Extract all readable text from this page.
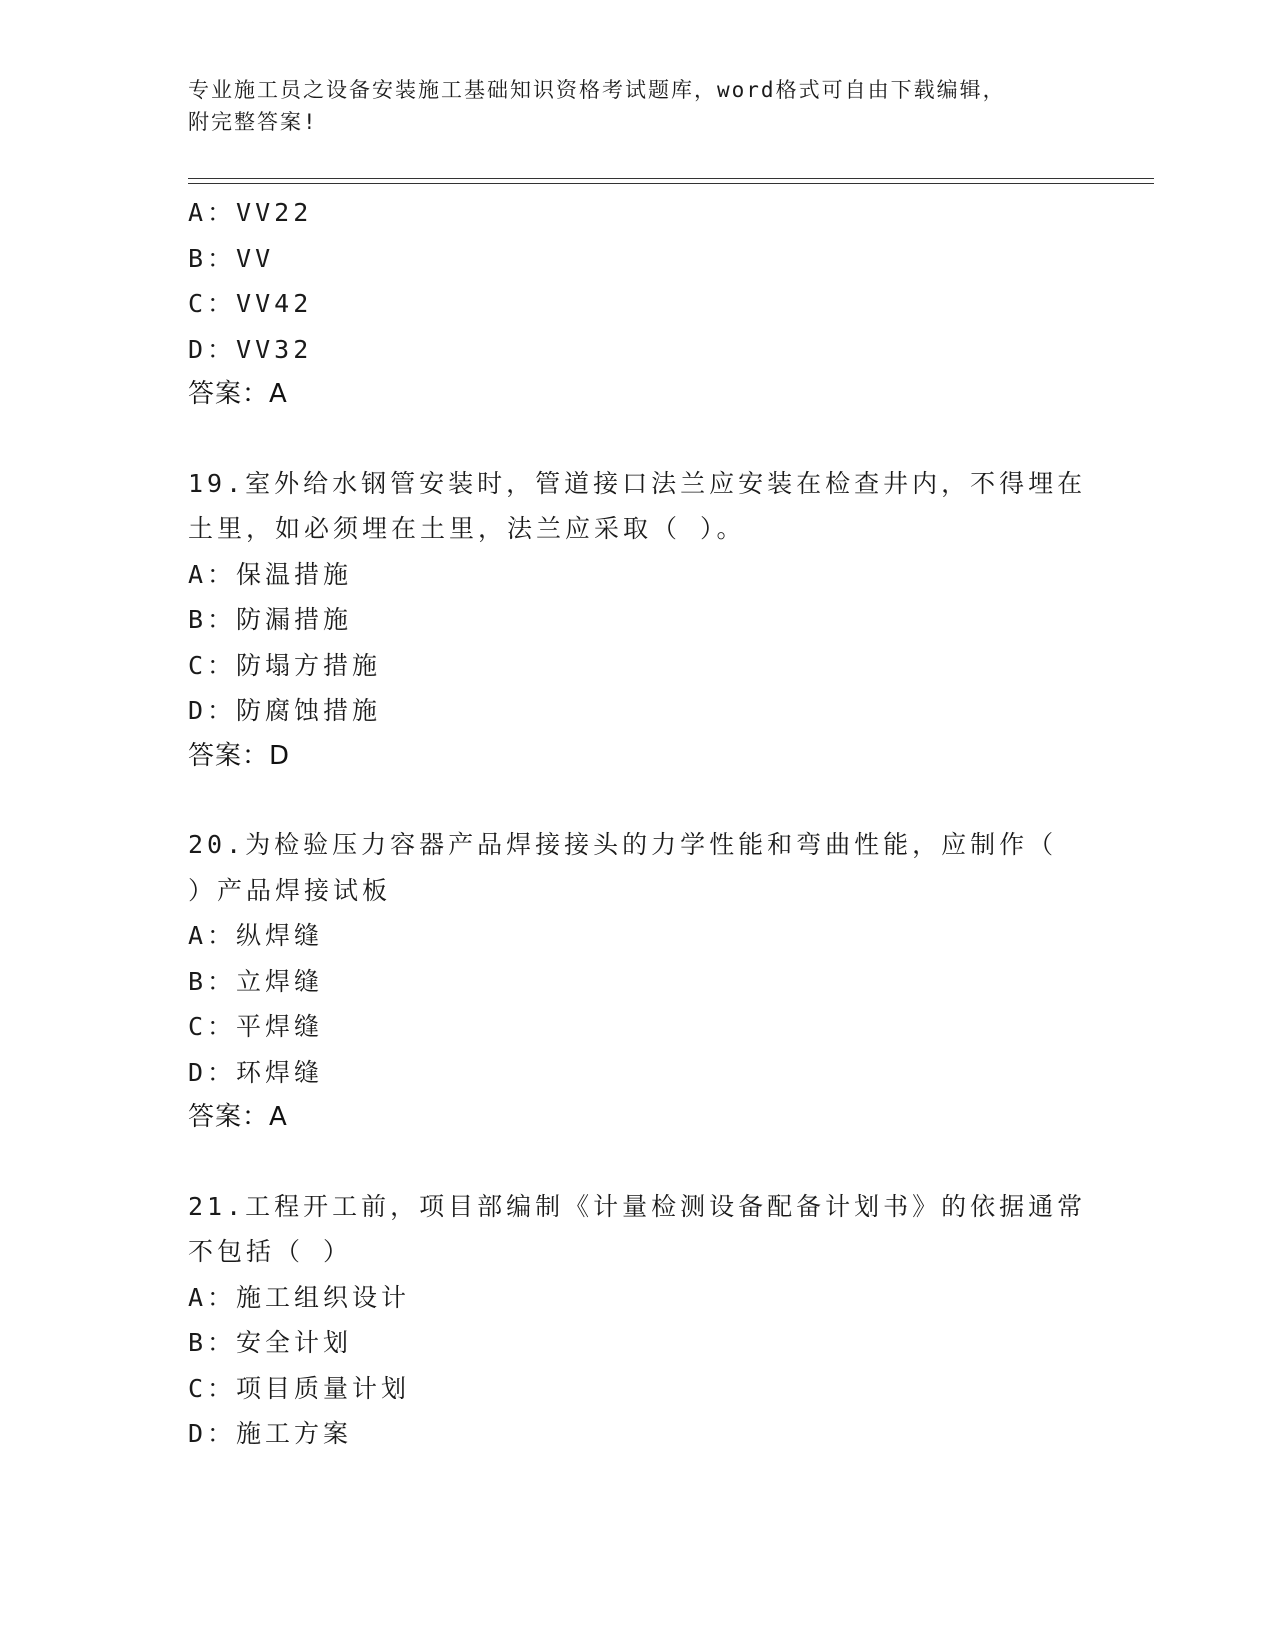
专业施工员之设备安装施工基础知识资格考试题库，word格式可自由下载编辑，
附完整答案!
A：VV22
B：VV
C：VV42
D：VV32
答案：A
19.室外给水钢管安装时，管道接口法兰应安装在检查井内，不得埋在
土里，如必须埋在土里，法兰应采取（ ）。
A：保温措施
B：防漏措施
C：防塌方措施
D：防腐蚀措施
答案：D
20.为检验压力容器产品焊接接头的力学性能和弯曲性能，应制作（
）产品焊接试板
A：纵焊缝
B：立焊缝
C：平焊缝
D：环焊缝
答案：A
21.工程开工前，项目部编制《计量检测设备配备计划书》的依据通常
不包括（ ）
A：施工组织设计
B：安全计划
C：项目质量计划
D：施工方案
